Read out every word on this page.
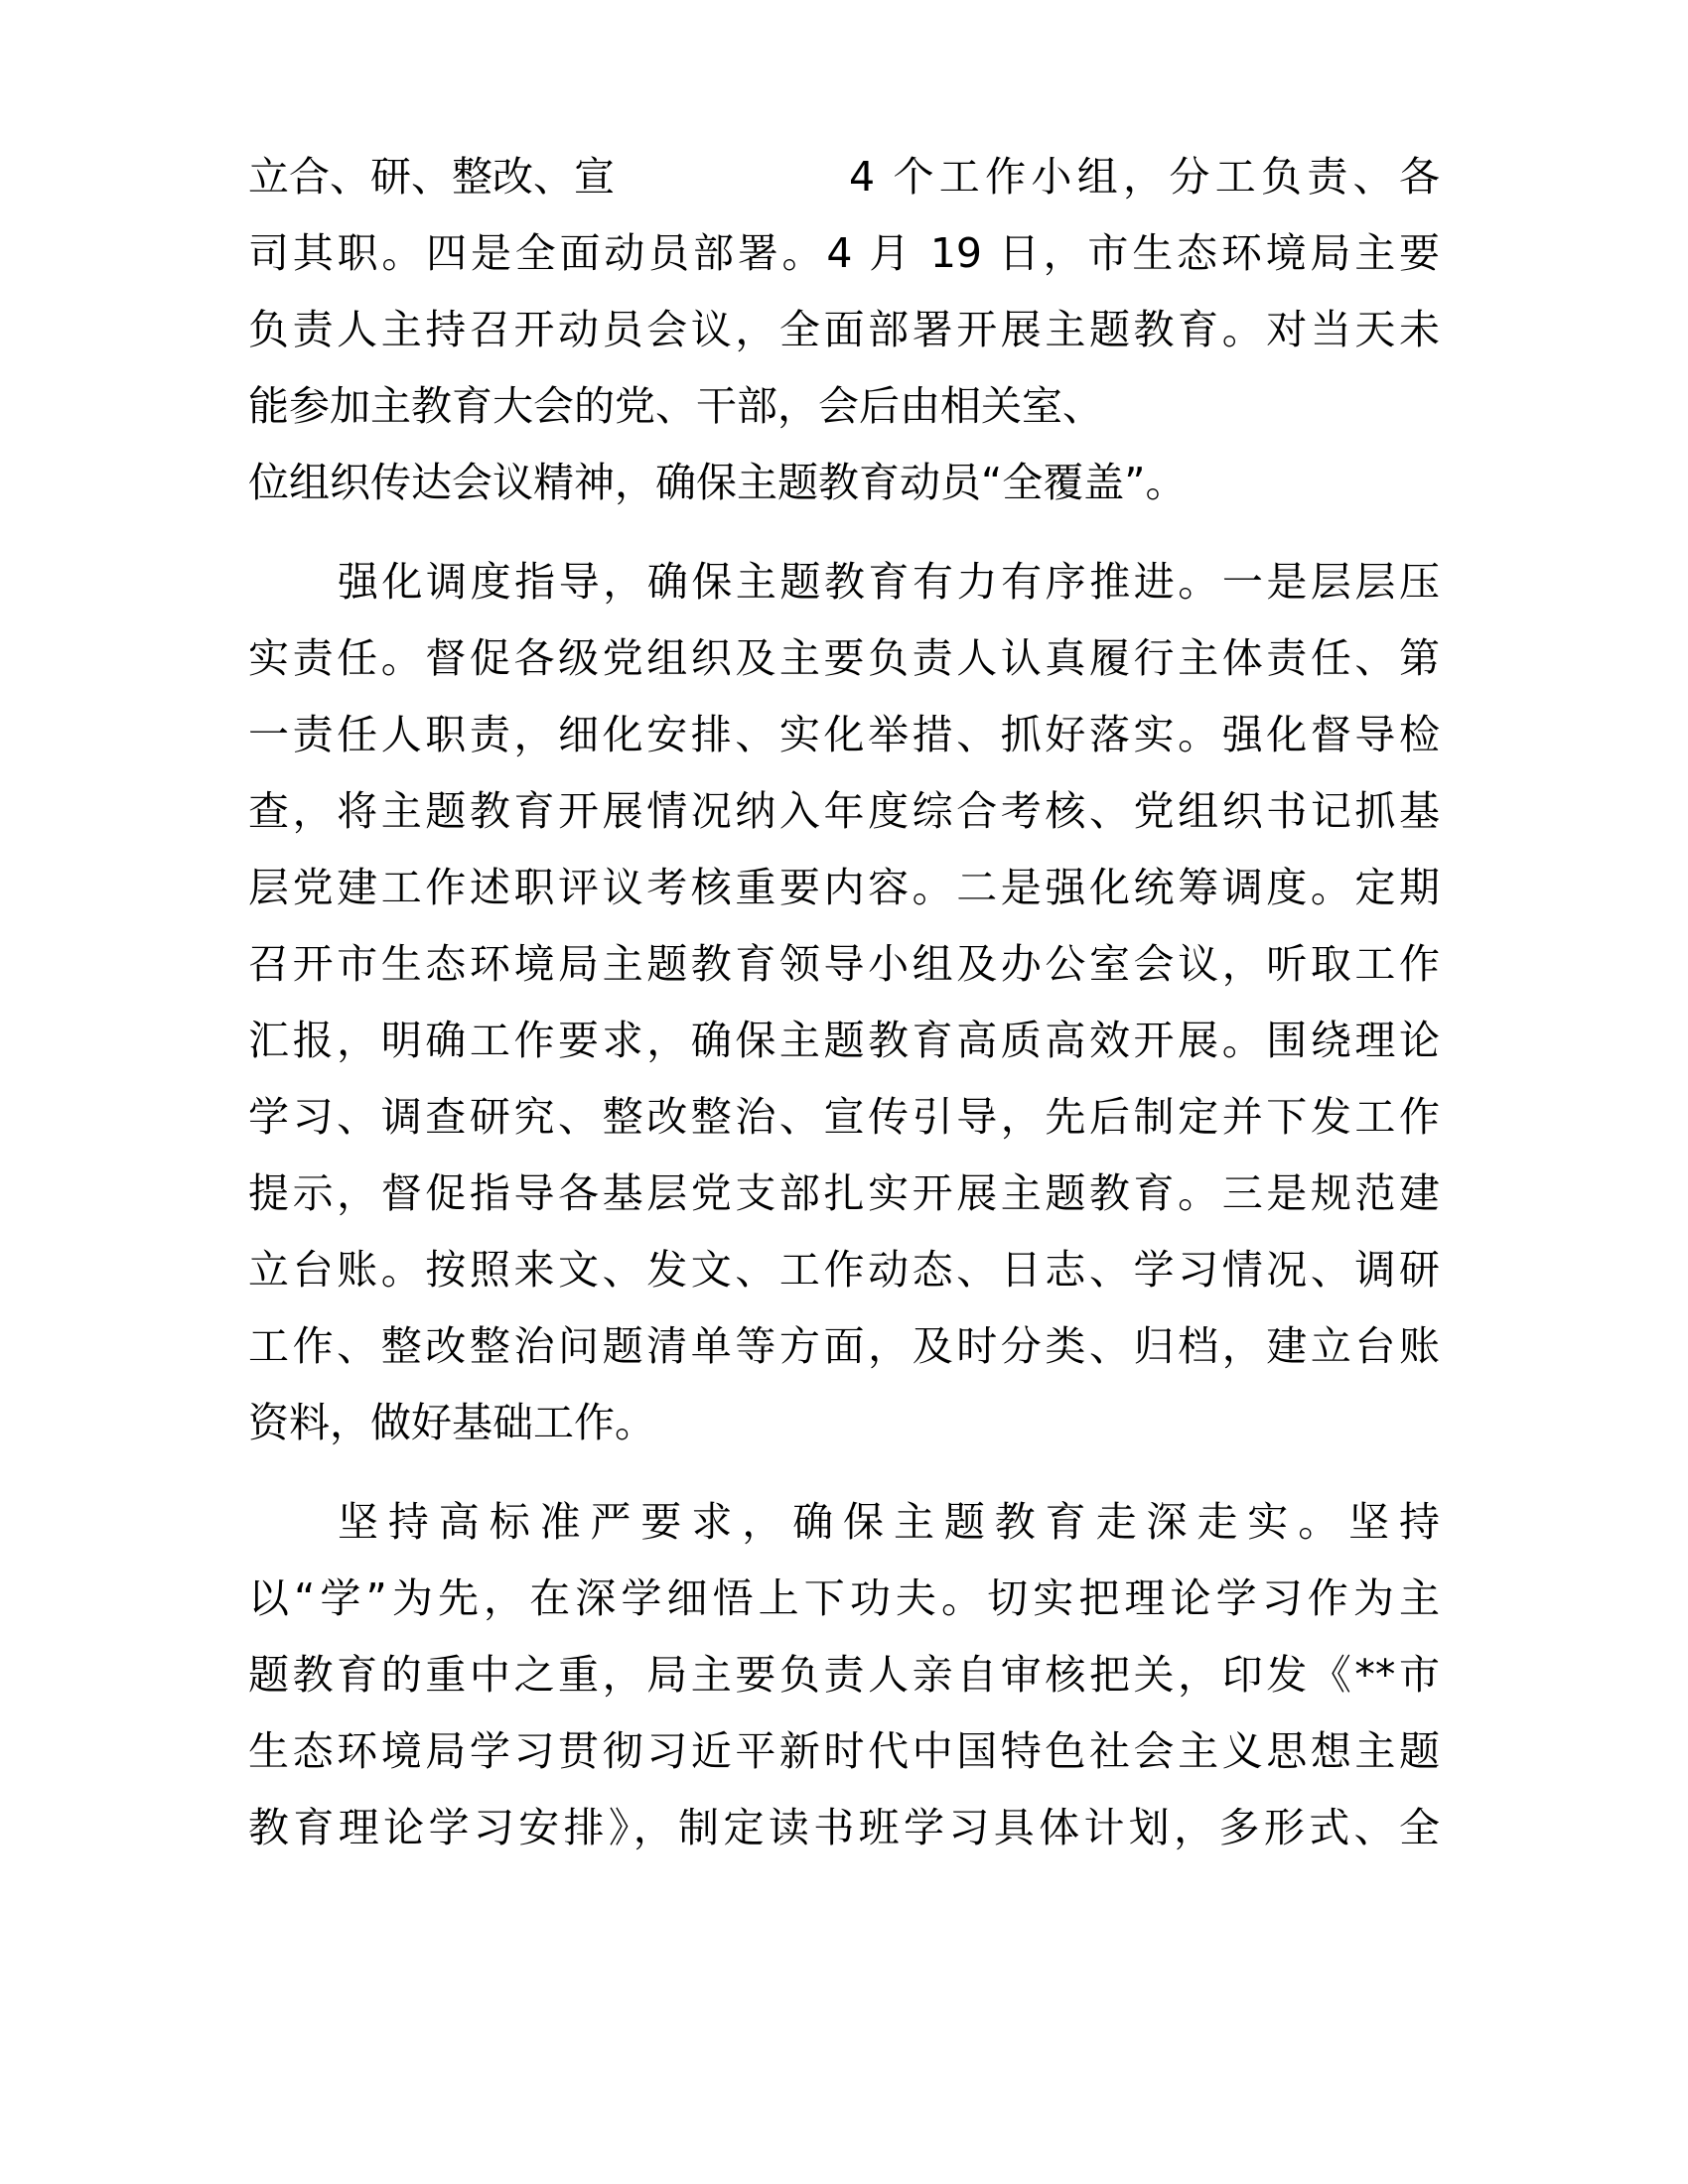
立合、研、整改、宣	4 个工作小组，分工负责、各
司其职。四是全面动员部署。4 月 19 日，市生态环境局主要
负责人主持召开动员会议，全面部署开展主题教育。对当天未
能参加主教育大会的党、干部，会后由相关室、
位组织传达会议精神，确保主题教育动员“全覆盖”。
强化调度指导，确保主题教育有力有序推进。一是层层压
实责任。督促各级党组织及主要负责人认真履行主体责任、第
一责任人职责，细化安排、实化举措、抓好落实。强化督导检
查，将主题教育开展情况纳入年度综合考核、党组织书记抓基
层党建工作述职评议考核重要内容。二是强化统筹调度。定期
召开市生态环境局主题教育领导小组及办公室会议，听取工作
汇报，明确工作要求，确保主题教育高质高效开展。围绕理论
学习、调查研究、整改整治、宣传引导，先后制定并下发工作
提示，督促指导各基层党支部扎实开展主题教育。三是规范建
立台账。按照来文、发文、工作动态、日志、学习情况、调研
工作、整改整治问题清单等方面，及时分类、归档，建立台账
资料，做好基础工作。
坚持高标准严要求，确保主题教育走深走实。坚持
以“学”为先，在深学细悟上下功夫。切实把理论学习作为主
题教育的重中之重，局主要负责人亲自审核把关，印发《**市
生态环境局学习贯彻习近平新时代中国特色社会主义思想主题
教育理论学习安排》，制定读书班学习具体计划，多形式、全
